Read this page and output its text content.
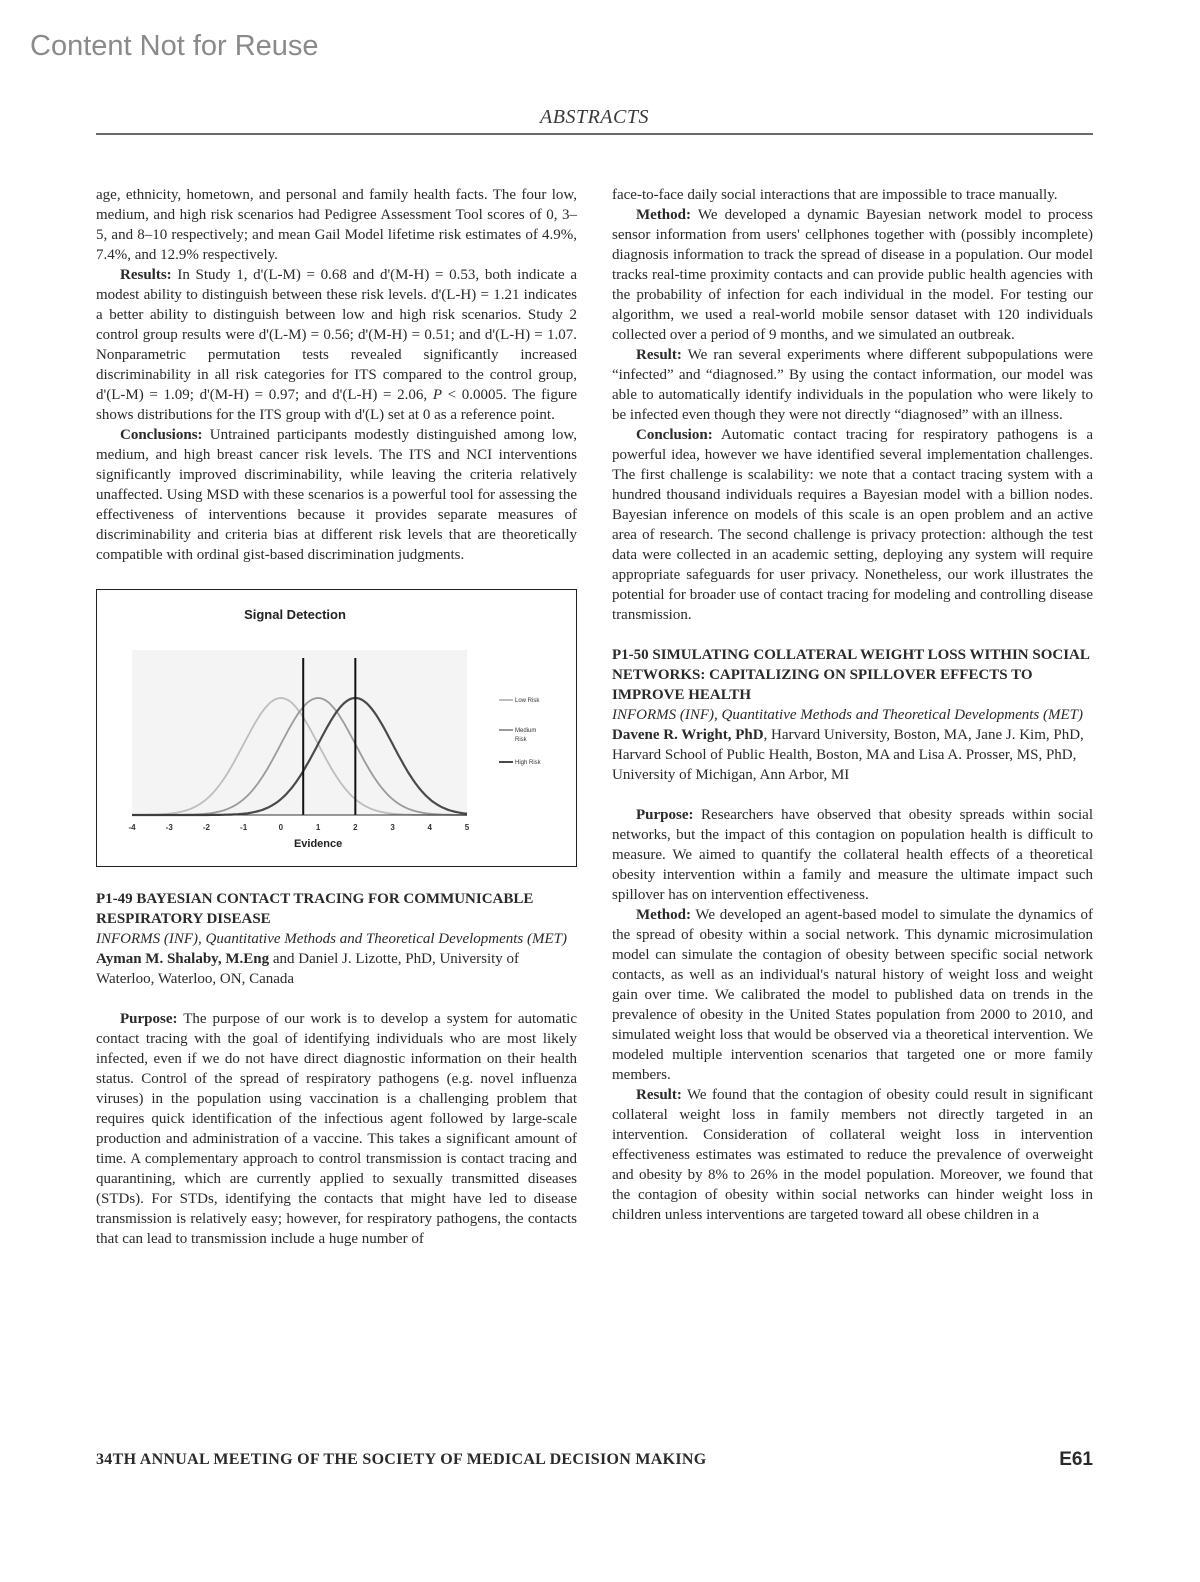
Content Not for Reuse
ABSTRACTS

age, ethnicity, hometown, and personal and family health facts. The four low, medium, and high risk scenarios had Pedigree Assessment Tool scores of 0, 3–5, and 8–10 respectively; and mean Gail Model lifetime risk estimates of 4.9%, 7.4%, and 12.9% respectively.

Results: In Study 1, d'(L-M) = 0.68 and d'(M-H) = 0.53, both indicate a modest ability to distinguish between these risk levels. d'(L-H) = 1.21 indicates a better ability to distinguish between low and high risk scenarios. Study 2 control group results were d'(L-M) = 0.56; d'(M-H) = 0.51; and d'(L-H) = 1.07. Nonparametric permutation tests revealed significantly increased discriminability in all risk categories for ITS compared to the control group, d'(L-M) = 1.09; d'(M-H) = 0.97; and d'(L-H) = 2.06, P < 0.0005. The figure shows distributions for the ITS group with d'(L) set at 0 as a reference point.

Conclusions: Untrained participants modestly distinguished among low, medium, and high breast cancer risk levels. The ITS and NCI interventions significantly improved discriminability, while leaving the criteria relatively unaffected. Using MSD with these scenarios is a powerful tool for assessing the effectiveness of interventions because it provides separate measures of discriminability and criteria bias at different risk levels that are theoretically compatible with ordinal gist-based discrimination judgments.

Signal Detection
-4	-3	-2	-1	0	1	2	3	4	5
Evidence
Low Risk
Medium
Risk
High Risk
P1-49 BAYESIAN CONTACT TRACING FOR COMMUNICABLE RESPIRATORY DISEASE

INFORMS (INF), Quantitative Methods and Theoretical Developments (MET)

Ayman M. Shalaby, M.Eng and Daniel J. Lizotte, PhD, University of Waterloo, Waterloo, ON, Canada

Purpose: The purpose of our work is to develop a system for automatic contact tracing with the goal of identifying individuals who are most likely infected, even if we do not have direct diagnostic information on their health status. Control of the spread of respiratory pathogens (e.g. novel influenza viruses) in the population using vaccination is a challenging problem that requires quick identification of the infectious agent followed by large-scale production and administration of a vaccine. This takes a significant amount of time. A complementary approach to control transmission is contact tracing and quarantining, which are currently applied to sexually transmitted diseases (STDs). For STDs, identifying the contacts that might have led to disease transmission is relatively easy; however, for respiratory pathogens, the contacts that can lead to transmission include a huge number of

face-to-face daily social interactions that are impossible to trace manually.

Method: We developed a dynamic Bayesian network model to process sensor information from users' cellphones together with (possibly incomplete) diagnosis information to track the spread of disease in a population. Our model tracks real-time proximity contacts and can provide public health agencies with the probability of infection for each individual in the model. For testing our algorithm, we used a real-world mobile sensor dataset with 120 individuals collected over a period of 9 months, and we simulated an outbreak.

Result: We ran several experiments where different subpopulations were “infected” and “diagnosed.” By using the contact information, our model was able to automatically identify individuals in the population who were likely to be infected even though they were not directly “diagnosed” with an illness.

Conclusion: Automatic contact tracing for respiratory pathogens is a powerful idea, however we have identified several implementation challenges. The first challenge is scalability: we note that a contact tracing system with a hundred thousand individuals requires a Bayesian model with a billion nodes. Bayesian inference on models of this scale is an open problem and an active area of research. The second challenge is privacy protection: although the test data were collected in an academic setting, deploying any system will require appropriate safeguards for user privacy. Nonetheless, our work illustrates the potential for broader use of contact tracing for modeling and controlling disease transmission.

P1-50 SIMULATING COLLATERAL WEIGHT LOSS WITHIN SOCIAL NETWORKS: CAPITALIZING ON SPILLOVER EFFECTS TO IMPROVE HEALTH

INFORMS (INF), Quantitative Methods and Theoretical Developments (MET)

Davene R. Wright, PhD, Harvard University, Boston, MA, Jane J. Kim, PhD, Harvard School of Public Health, Boston, MA and Lisa A. Prosser, MS, PhD, University of Michigan, Ann Arbor, MI

Purpose: Researchers have observed that obesity spreads within social networks, but the impact of this contagion on population health is difficult to measure. We aimed to quantify the collateral health effects of a theoretical obesity intervention within a family and measure the ultimate impact such spillover has on intervention effectiveness.

Method: We developed an agent-based model to simulate the dynamics of the spread of obesity within a social network. This dynamic microsimulation model can simulate the contagion of obesity between specific social network contacts, as well as an individual's natural history of weight loss and weight gain over time. We calibrated the model to published data on trends in the prevalence of obesity in the United States population from 2000 to 2010, and simulated weight loss that would be observed via a theoretical intervention. We modeled multiple intervention scenarios that targeted one or more family members.

Result: We found that the contagion of obesity could result in significant collateral weight loss in family members not directly targeted in an intervention. Consideration of collateral weight loss in intervention effectiveness estimates was estimated to reduce the prevalence of overweight and obesity by 8% to 26% in the model population. Moreover, we found that the contagion of obesity within social networks can hinder weight loss in children unless interventions are targeted toward all obese children in a

34TH ANNUAL MEETING OF THE SOCIETY OF MEDICAL DECISION MAKING	E61
